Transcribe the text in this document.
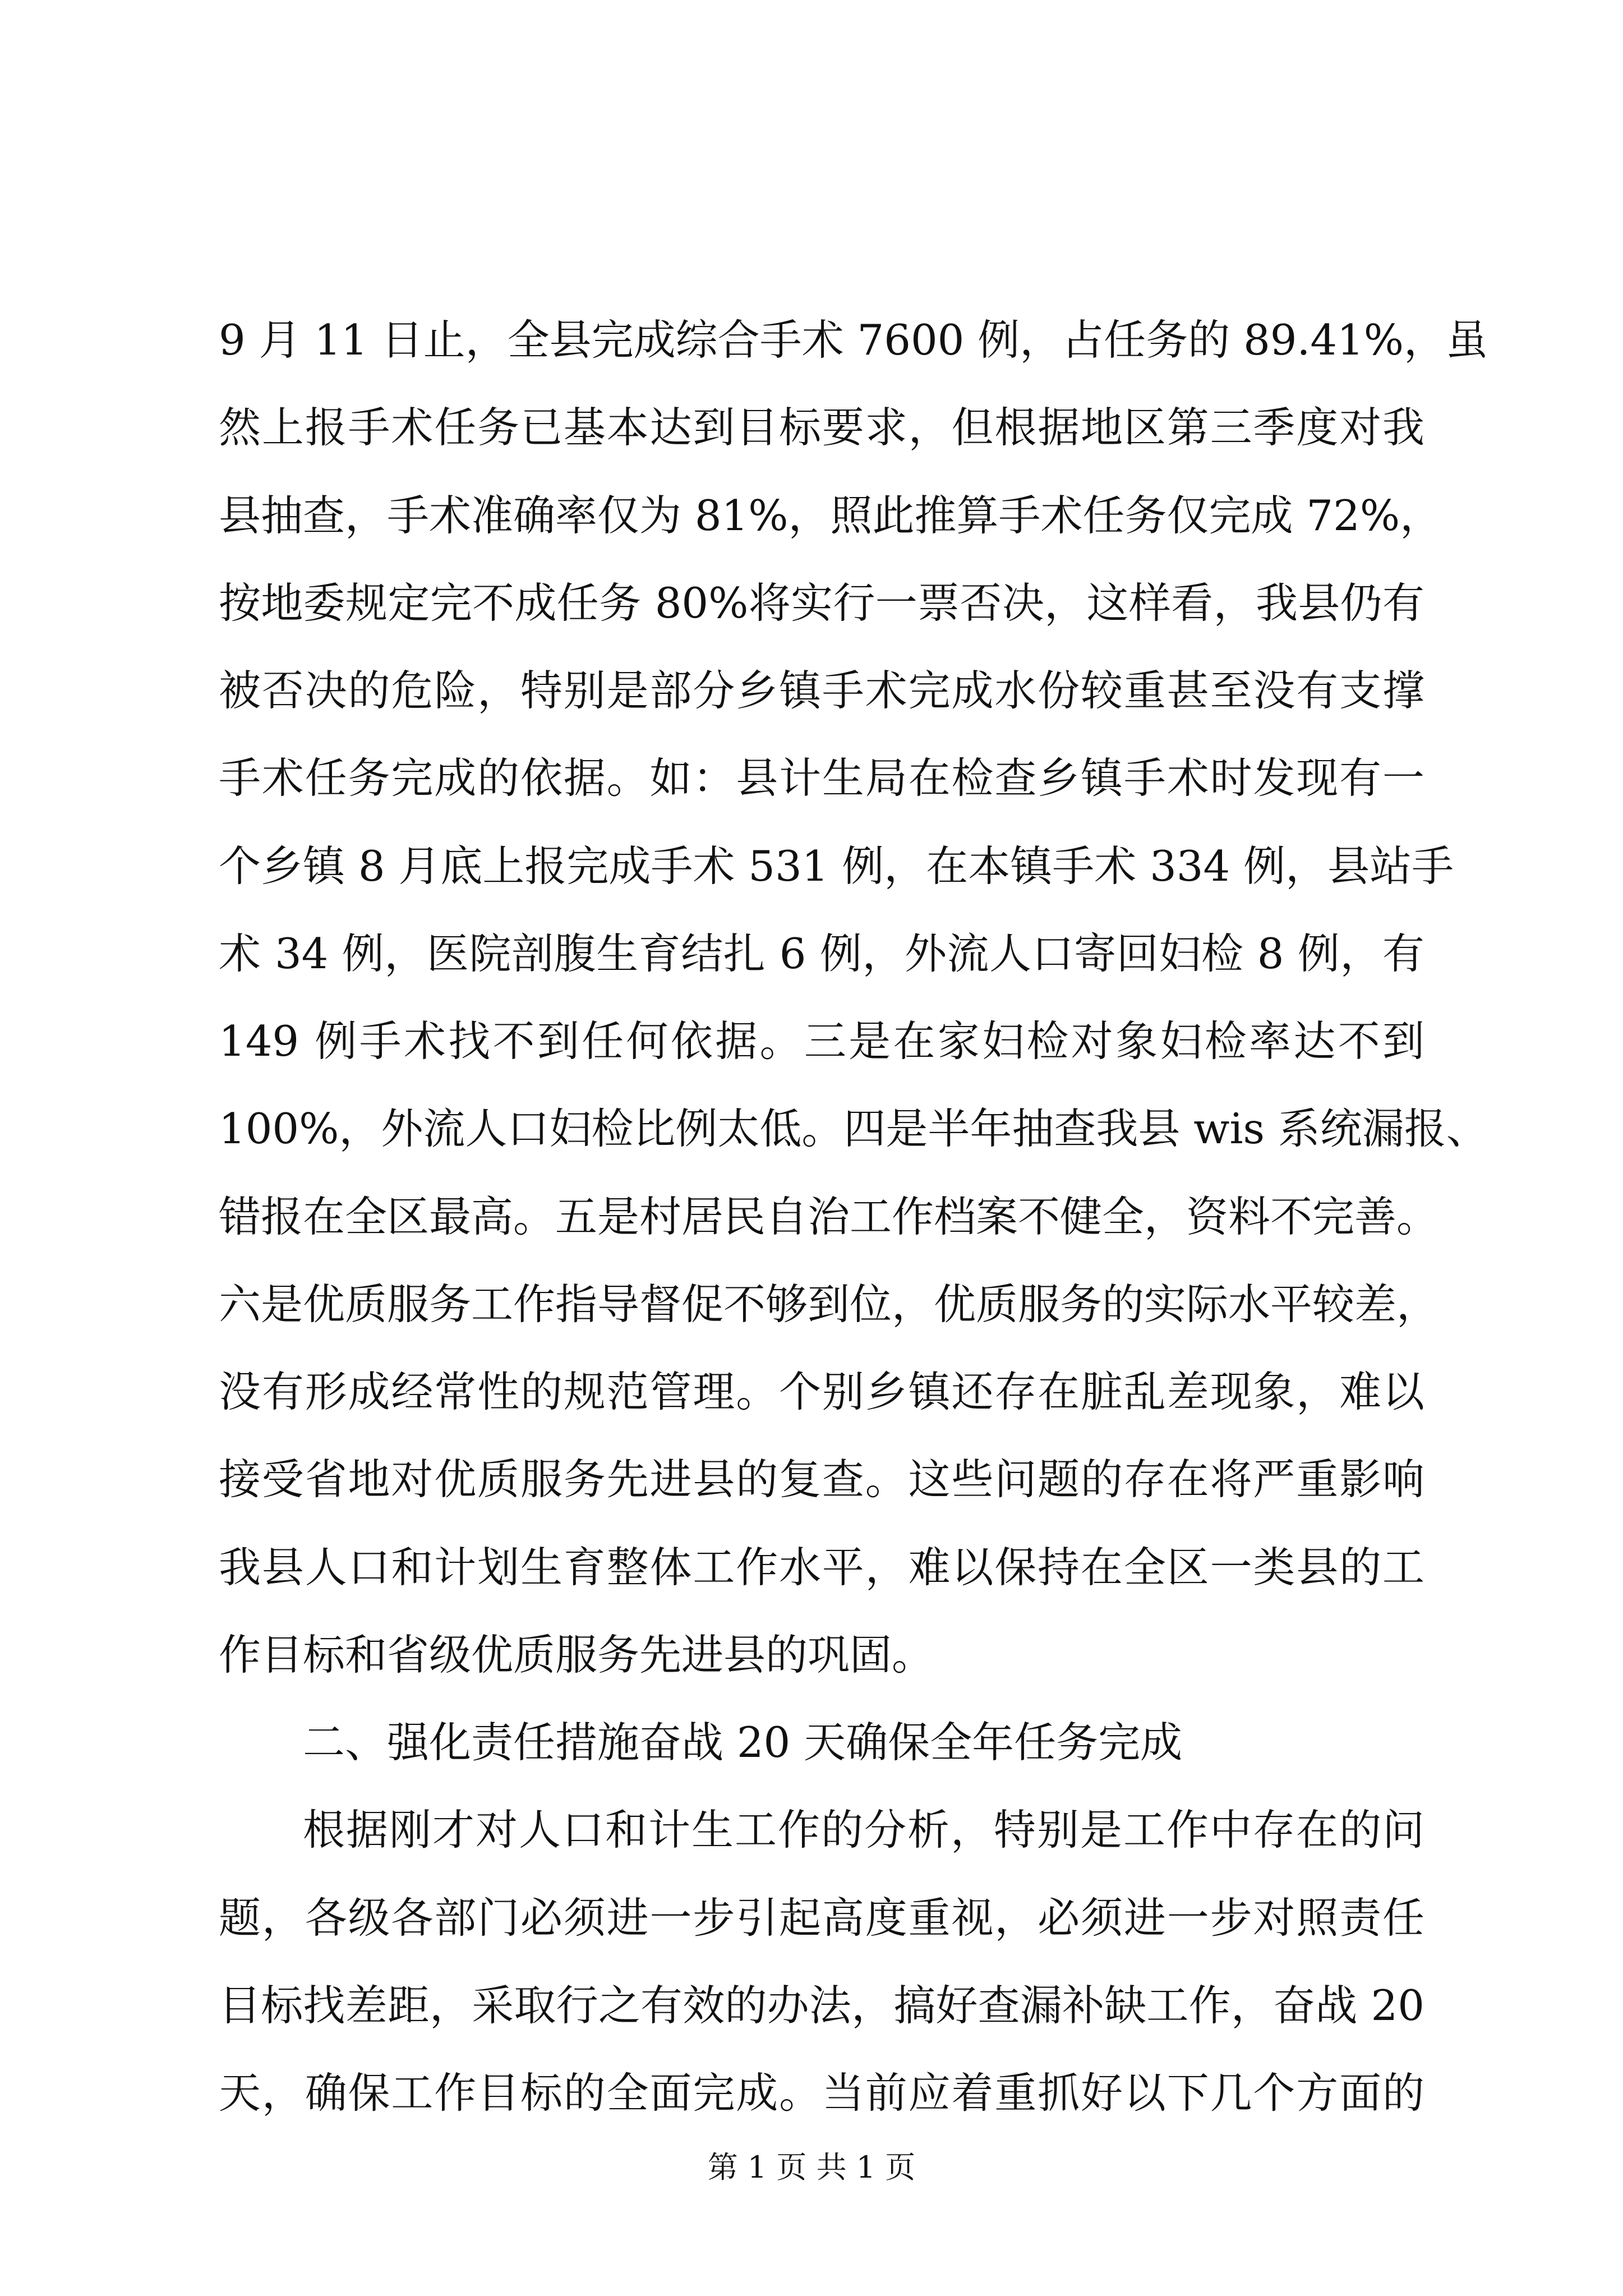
9 月 11 日止，全县完成综合手术 7600 例，占任务的 89.41%，虽
然上报手术任务已基本达到目标要求，但根据地区第三季度对我
县抽查，手术准确率仅为 81%，照此推算手术任务仅完成 72%，
按地委规定完不成任务 80%将实行一票否决，这样看，我县仍有
被否决的危险，特别是部分乡镇手术完成水份较重甚至没有支撑
手术任务完成的依据。如：县计生局在检查乡镇手术时发现有一
个乡镇 8 月底上报完成手术 531 例，在本镇手术 334 例，县站手
术 34 例，医院剖腹生育结扎 6 例，外流人口寄回妇检 8 例，有
149 例手术找不到任何依据。三是在家妇检对象妇检率达不到
100%，外流人口妇检比例太低。四是半年抽查我县 wis 系统漏报、
错报在全区最高。五是村居民自治工作档案不健全，资料不完善。
六是优质服务工作指导督促不够到位，优质服务的实际水平较差，
没有形成经常性的规范管理。个别乡镇还存在脏乱差现象，难以
接受省地对优质服务先进县的复查。这些问题的存在将严重影响
我县人口和计划生育整体工作水平，难以保持在全区一类县的工
作目标和省级优质服务先进县的巩固。
二、强化责任措施奋战 20 天确保全年任务完成
根据刚才对人口和计生工作的分析，特别是工作中存在的问
题，各级各部门必须进一步引起高度重视，必须进一步对照责任
目标找差距，采取行之有效的办法，搞好查漏补缺工作，奋战 20
天，确保工作目标的全面完成。当前应着重抓好以下几个方面的
第 1 页 共 1 页
